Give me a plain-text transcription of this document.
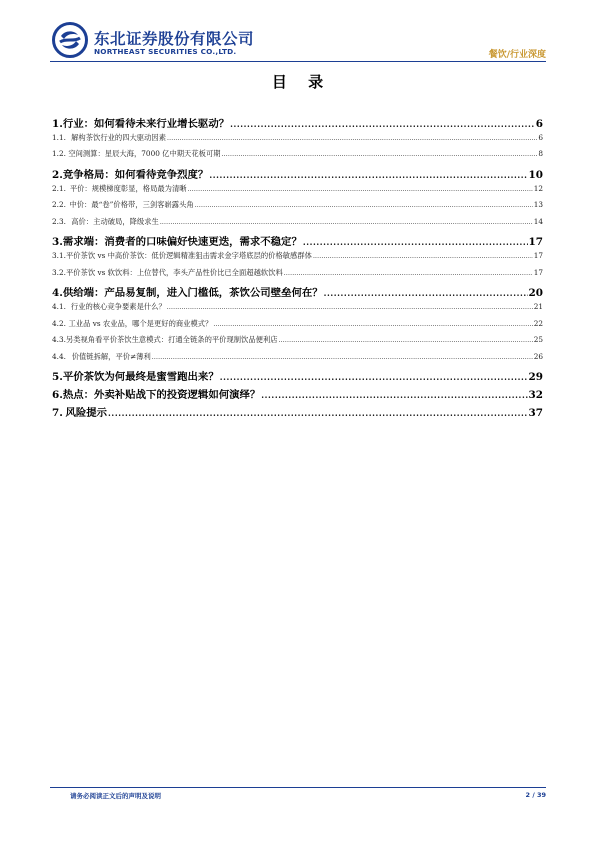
东北证券股份有限公司
NORTHEAST SECURITIES CO.,LTD.	餐饮/行业深度
目 录
1. 行业：如何看待未来行业增长驱动？ .....	6
1.1. 解构茶饮行业的四大驱动因素 .....	6
1.2. 空间测算：星辰大海，7000 亿中期天花板可期 .....	8
2. 竞争格局：如何看待竞争烈度？ .....	10
2.1. 平价：规模梯度彰显，格局最为清晰 .....	12
2.2. 中价：最“卷”价格带，三剑客崭露头角 .....	13
2.3. 高价：主动破局，降级求生 .....	14
3. 需求端：消费者的口味偏好快速更迭，需求不稳定？ .....	17
3.1. 平价茶饮 vs 中高价茶饮：低价逻辑精准狙击需求金字塔底层的价格敏感群体 .....	17
3.2. 平价茶饮 vs 软饮料：上位替代，李头产品性价比已全面超越软饮料 .....	17
4. 供给端：产品易复制，进入门槛低，茶饮公司壁垒何在？ .....	20
4.1. 行业的核心竞争要素是什么？ .....	21
4.2. 工业品 vs 农业品，哪个是更好的商业模式？ .....	22
4.3. 另类视角看平价茶饮生意模式：打通全链条的平价现制饮品便利店 .....	25
4.4. 价值链拆解，平价≠薄利 .....	26
5. 平价茶饮为何最终是蜜雪跑出来？ .....	29
6. 热点：外卖补贴战下的投资逻辑如何演绎？ .....	32
7. 风险提示 .....	37
请务必阅读正文后的声明及说明	2 / 39
